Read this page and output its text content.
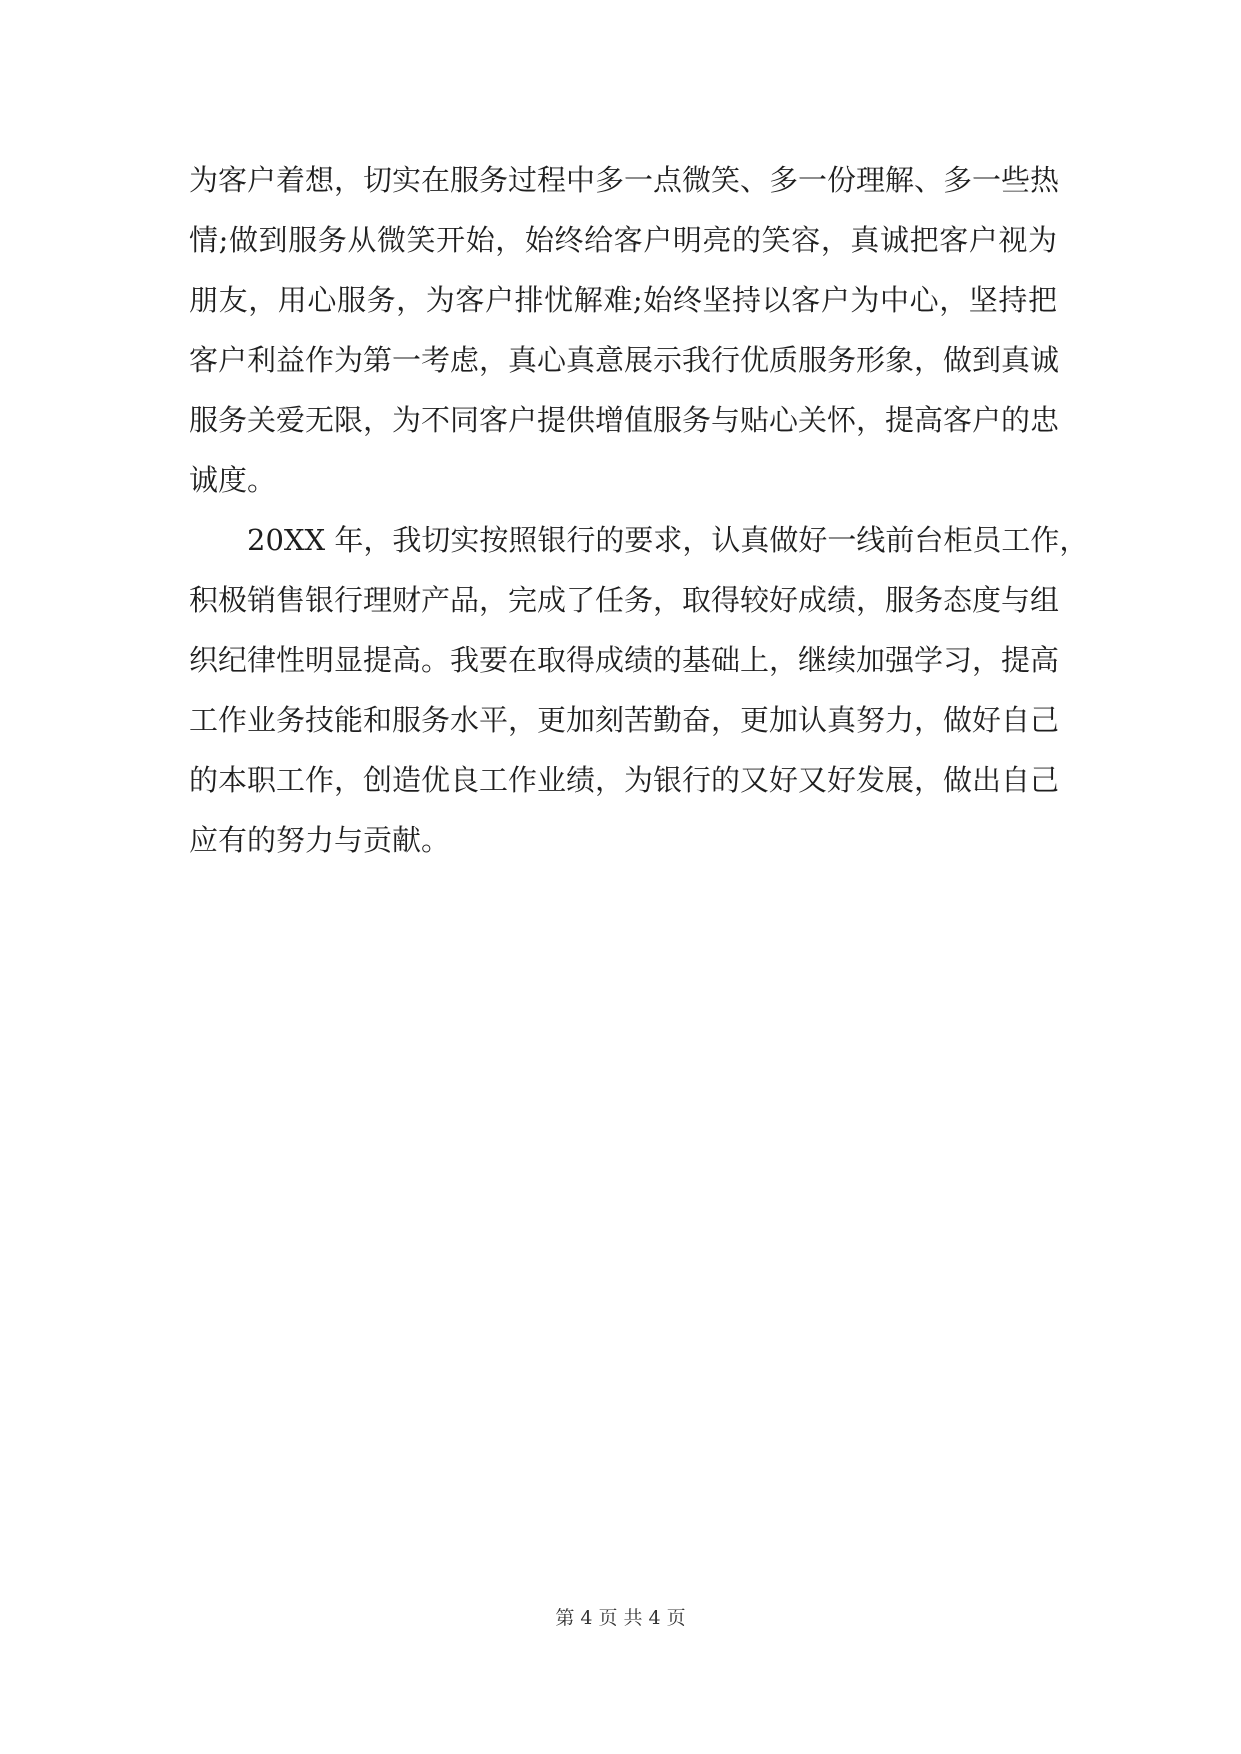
为客户着想，切实在服务过程中多一点微笑、多一份理解、多一些热
情;做到服务从微笑开始，始终给客户明亮的笑容，真诚把客户视为
朋友，用心服务，为客户排忧解难;始终坚持以客户为中心，坚持把
客户利益作为第一考虑，真心真意展示我行优质服务形象，做到真诚
服务关爱无限，为不同客户提供增值服务与贴心关怀，提高客户的忠
诚度。
20XX 年，我切实按照银行的要求，认真做好一线前台柜员工作，
积极销售银行理财产品，完成了任务，取得较好成绩，服务态度与组
织纪律性明显提高。我要在取得成绩的基础上，继续加强学习，提高
工作业务技能和服务水平，更加刻苦勤奋，更加认真努力，做好自己
的本职工作，创造优良工作业绩，为银行的又好又好发展，做出自己
应有的努力与贡献。
第 4 页 共 4 页
